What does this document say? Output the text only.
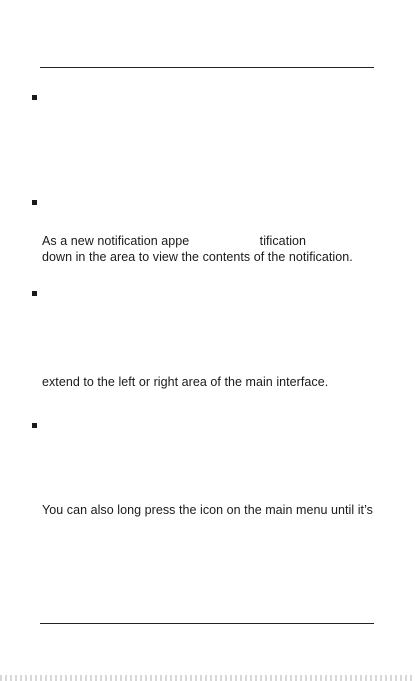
As a new notification appe                    tification
down in the area to view the contents of the notification.
extend to the left or right area of the main interface.
You can also long press the icon on the main menu until it’s
